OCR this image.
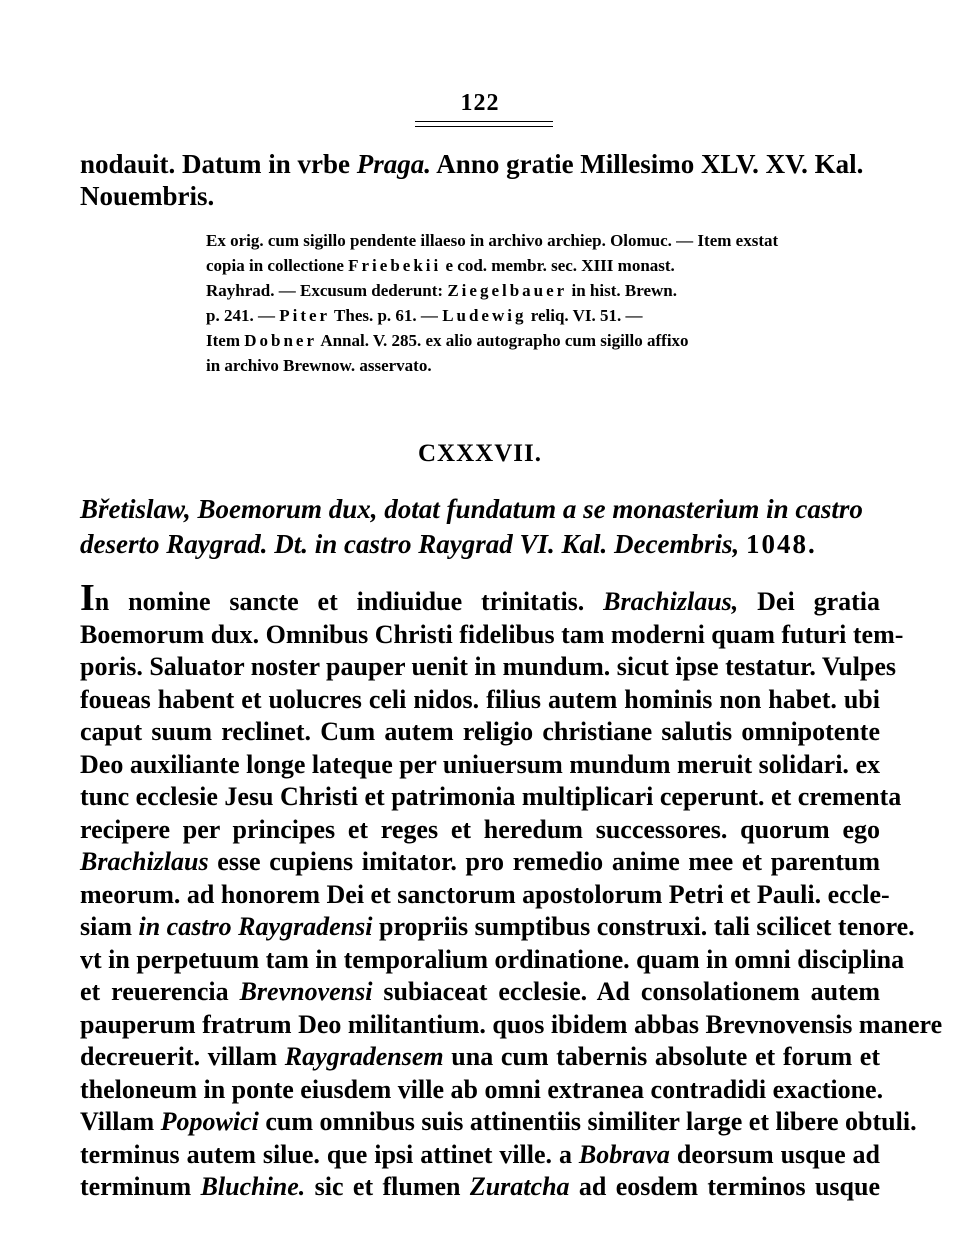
122
nodauit. Datum in vrbe Praga. Anno gratie Millesimo XLV. XV. Kal. Nouembris.
Ex orig. cum sigillo pendente illaeso in archivo archiep. Olomuc. — Item exstat
copia in collectione Friebekii e cod. membr. sec. XIII monast.
Rayhrad. — Excusum dederunt: Ziegelbauer in hist. Brewn.
p. 241. — Piter Thes. p. 61. — Ludewig reliq. VI. 51. —
Item Dobner Annal. V. 285. ex alio autographo cum sigillo affixo
in archivo Brewnow. asservato.
CXXXVII.
Břetislaw, Boemorum dux, dotat fundatum a se monasterium in castro deserto Raygrad. Dt. in castro Raygrad VI. Kal. Decembris, 1048.
In nomine sancte et indiuidue trinitatis. Brachizlaus, Dei gratia
Boemorum dux. Omnibus Christi fidelibus tam moderni quam futuri tem-
poris. Saluator noster pauper uenit in mundum. sicut ipse testatur. Vulpes
foueas habent et uolucres celi nidos. filius autem hominis non habet. ubi
caput suum reclinet. Cum autem religio christiane salutis omnipotente
Deo auxiliante longe lateque per uniuersum mundum meruit solidari. ex
tunc ecclesie Jesu Christi et patrimonia multiplicari ceperunt. et crementa
recipere per principes et reges et heredum successores. quorum ego
Brachizlaus esse cupiens imitator. pro remedio anime mee et parentum
meorum. ad honorem Dei et sanctorum apostolorum Petri et Pauli. eccle-
siam in castro Raygradensi propriis sumptibus construxi. tali scilicet tenore.
vt in perpetuum tam in temporalium ordinatione. quam in omni disciplina
et reuerencia Brevnovensi subiaceat ecclesie. Ad consolationem autem
pauperum fratrum Deo militantium. quos ibidem abbas Brevnovensis manere
decreuerit. villam Raygradensem una cum tabernis absolute et forum et
theloneum in ponte eiusdem ville ab omni extranea contradidi exactione.
Villam Popowici cum omnibus suis attinentiis similiter large et libere obtuli.
terminus autem silue. que ipsi attinet ville. a Bobrava deorsum usque ad
terminum Bluchine. sic et flumen Zuratcha ad eosdem terminos usque
